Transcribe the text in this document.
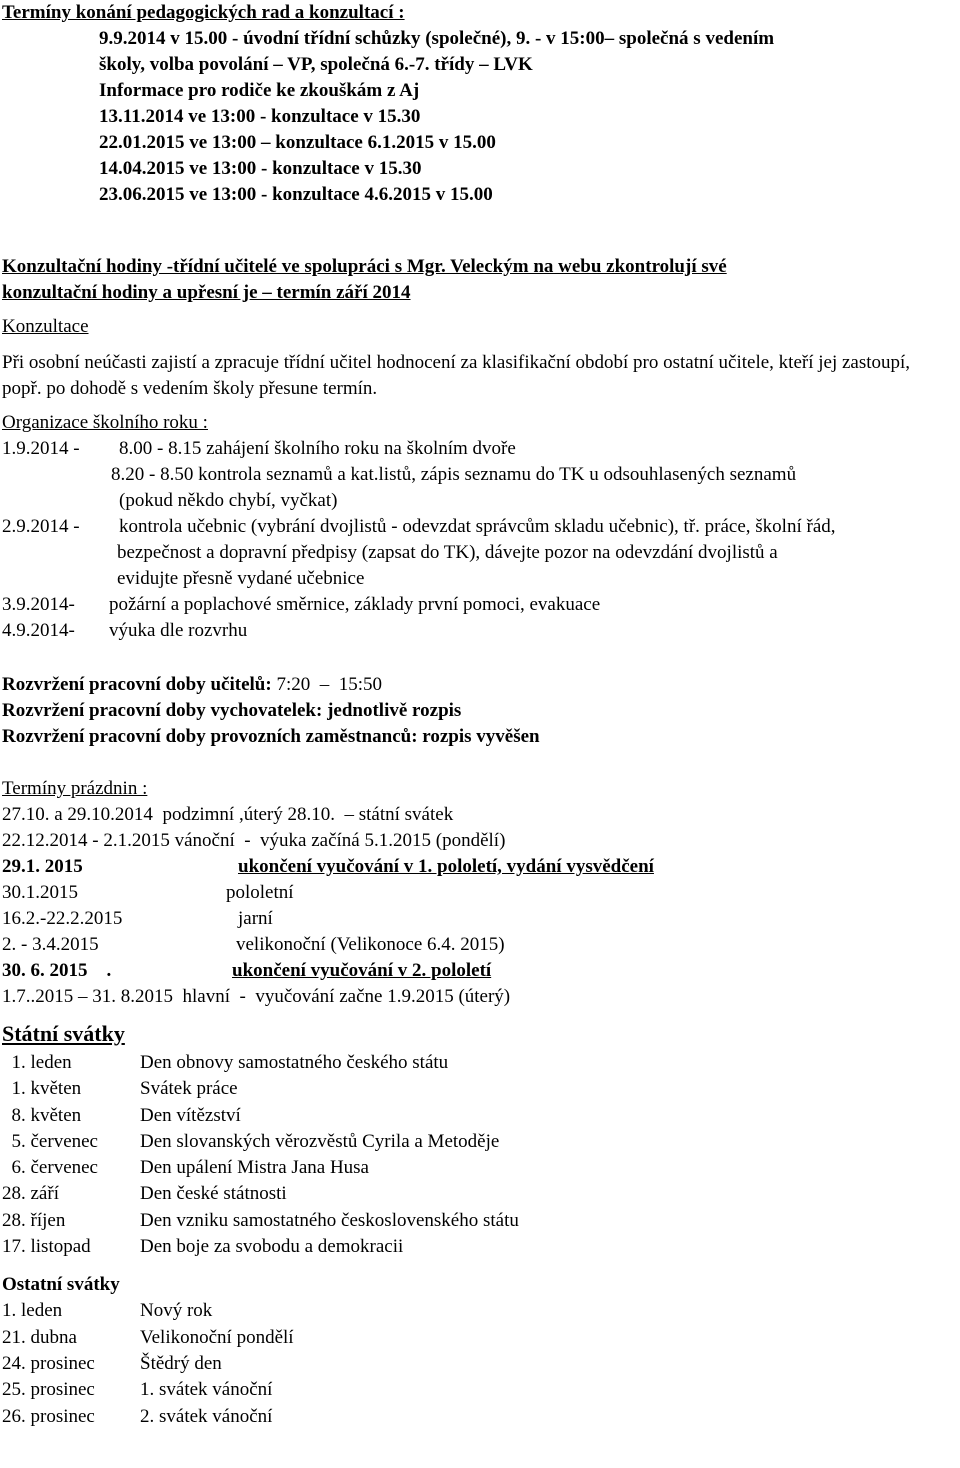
Termíny konání pedagogických rad a konzultací :
9.9.2014 v 15.00 - úvodní třídní schůzky (společné), 9. - v 15:00– společná s vedením
školy, volba povolání – VP, společná 6.-7. třídy – LVK
Informace pro rodiče ke zkouškám z Aj
13.11.2014 ve 13:00 - konzultace v 15.30
22.01.2015 ve 13:00 – konzultace 6.1.2015 v 15.00
14.04.2015 ve 13:00 - konzultace v 15.30
23.06.2015 ve 13:00 - konzultace 4.6.2015 v 15.00
Konzultační hodiny -třídní učitelé ve spolupráci s Mgr. Veleckým na webu zkontrolují své
konzultační hodiny a upřesní je – termín září 2014
Konzultace
Při osobní neúčasti zajistí a zpracuje třídní učitel hodnocení za klasifikační období pro ostatní učitele, kteří jej zastoupí, popř. po dohodě s vedením školy přesune termín.
Organizace školního roku :
1.9.2014 - 8.00 - 8.15 zahájení školního roku na školním dvoře
8.20 - 8.50 kontrola seznamů a kat.listů, zápis seznamu do TK u odsouhlasených seznamů
(pokud někdo chybí, vyčkat)
2.9.2014 - kontrola učebnic (vybrání dvojlistů - odevzdat správcům skladu učebnic), tř. práce, školní řád,
bezpečnost a dopravní předpisy (zapsat do TK), dávejte pozor na odevzdání dvojlistů a
evidujte přesně vydané učebnice
3.9.2014- požární a poplachové směrnice, základy první pomoci, evakuace
4.9.2014- výuka dle rozvrhu
Rozvržení pracovní doby učitelů: 7:20  –  15:50
Rozvržení pracovní doby vychovatelek: jednotlivě rozpis
Rozvržení pracovní doby provozních zaměstnanců: rozpis vyvěšen
Termíny prázdnin :
27.10. a 29.10.2014  podzimní ,úterý 28.10.  – státní svátek
22.12.2014 - 2.1.2015 vánoční  -  výuka začíná 5.1.2015 (pondělí)
29.1. 2015	ukončení vyučování v 1. pololetí, vydání vysvědčení
30.1.2015	pololetní
16.2.-22.2.2015	jarní
2. - 3.4.2015	velikonoční (Velikonoce 6.4. 2015)
30. 6. 2015    .	ukončení vyučování v 2. pololetí
1.7..2015 – 31. 8.2015  hlavní  -  vyučování začne 1.9.2015 (úterý)
Státní svátky
1. leden	Den obnovy samostatného českého státu
1. květen	Svátek práce
8. květen	Den vítězství
5. červenec Den slovanských věrozvěstů Cyrila a Metoděje
6. červenec Den upálení Mistra Jana Husa
28. září	Den české státnosti
28. říjen	Den vzniku samostatného československého státu
17. listopad	Den boje za svobodu a demokracii
Ostatní svátky
1. leden	Nový rok
21. dubna	Velikonoční pondělí
24. prosinec Štědrý den
25. prosinec 1. svátek vánoční
26. prosinec 2. svátek vánoční
